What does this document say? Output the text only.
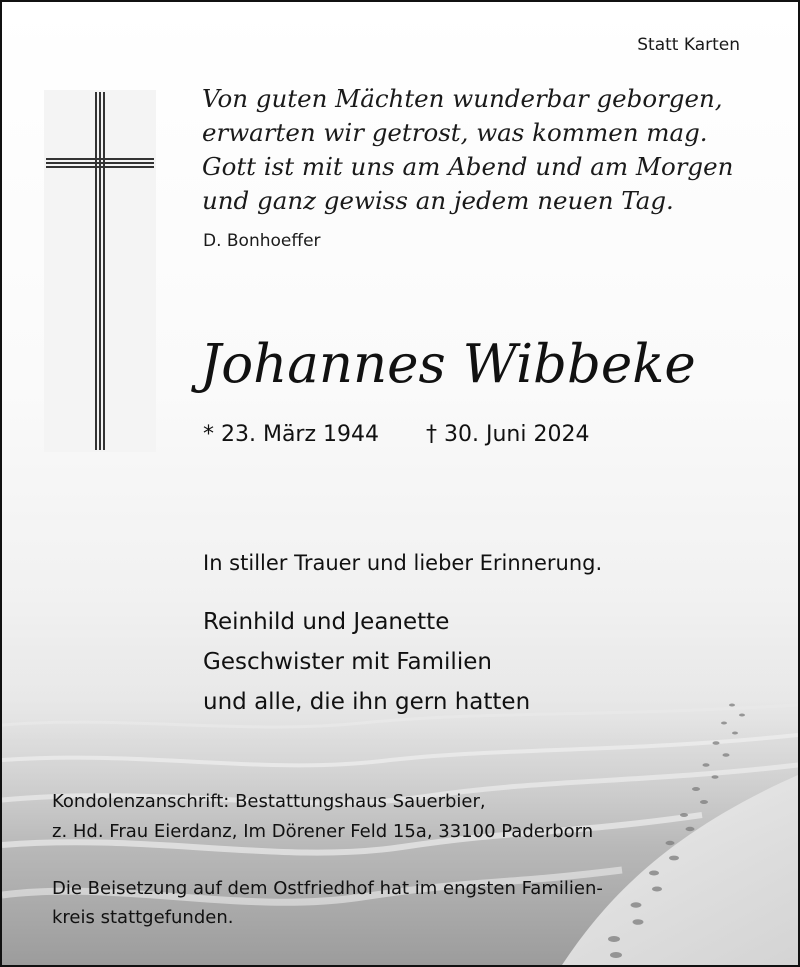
Statt Karten
Von guten Mächten wunderbar geborgen,
erwarten wir getrost, was kommen mag.
Gott ist mit uns am Abend und am Morgen
und ganz gewiss an jedem neuen Tag.
D. Bonhoeffer
Johannes Wibbeke
* 23. März 1944 † 30. Juni 2024
In stiller Trauer und lieber Erinnerung.
Reinhild und Jeanette
Geschwister mit Familien
und alle, die ihn gern hatten
Kondolenzanschrift: Bestattungshaus Sauerbier,
z. Hd. Frau Eierdanz, Im Dörener Feld 15a, 33100 Paderborn
Die Beisetzung auf dem Ostfriedhof hat im engsten Familien-
kreis stattgefunden.
